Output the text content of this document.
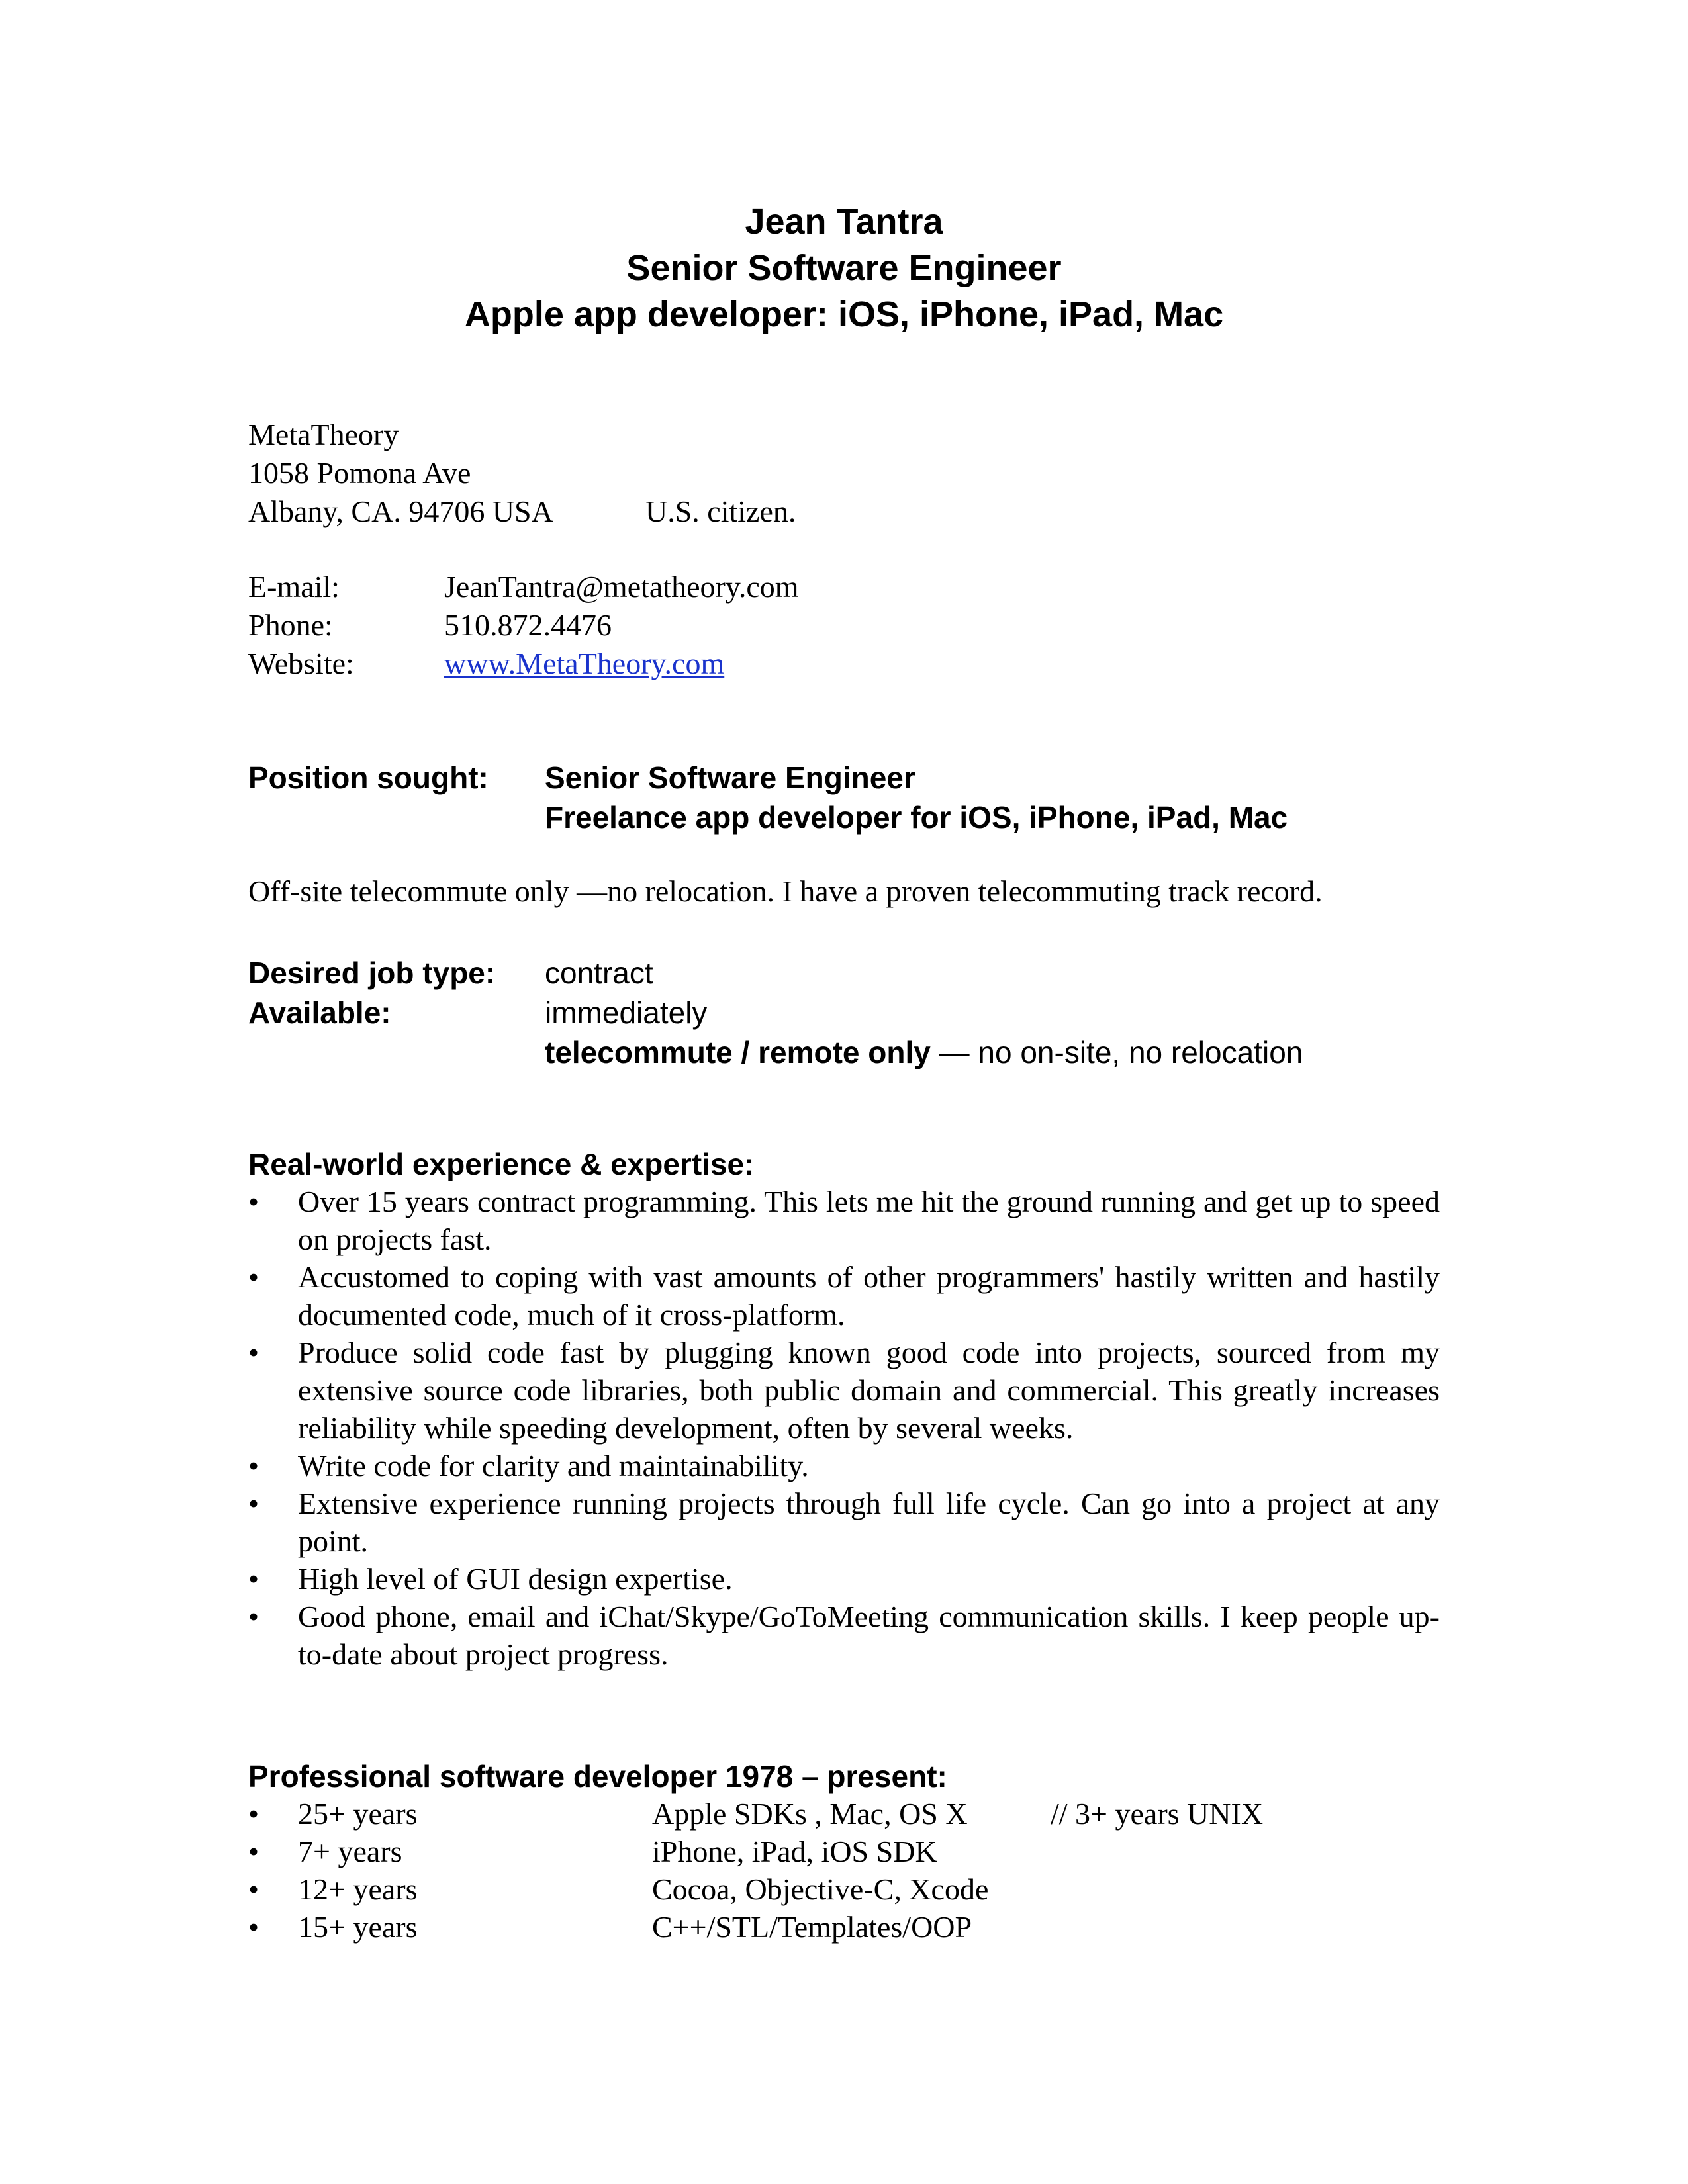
Jean Tantra
Senior Software Engineer
Apple app developer: iOS, iPhone, iPad, Mac
MetaTheory
1058 Pomona Ave
Albany, CA. 94706 USA	U.S. citizen.
E-mail:	JeanTantra@metatheory.com
Phone:	510.872.4476
Website:	www.MetaTheory.com
Position sought: Senior Software Engineer
Freelance app developer for iOS, iPhone, iPad, Mac
Off-site telecommute only —no relocation. I have a proven telecommuting track record.
Desired job type: contract
Available:	immediately
telecommute / remote only — no on-site, no relocation
Real-world experience & expertise:
• Over 15 years contract programming. This lets me hit the ground running and get up to speed on projects fast.
• Accustomed to coping with vast amounts of other programmers' hastily written and hastily documented code, much of it cross-platform.
• Produce solid code fast by plugging known good code into projects, sourced from my extensive source code libraries, both public domain and commercial. This greatly increases reliability while speeding development, often by several weeks.
• Write code for clarity and maintainability.
• Extensive experience running projects through full life cycle. Can go into a project at any point.
• High level of GUI design expertise.
• Good phone, email and iChat/Skype/GoToMeeting communication skills. I keep people up-to-date about project progress.
Professional software developer 1978 – present:
• 25+ years	Apple SDKs , Mac, OS X	// 3+ years UNIX
• 7+ years	iPhone, iPad, iOS SDK
• 12+ years	Cocoa, Objective-C, Xcode
• 15+ years	C++/STL/Templates/OOP
